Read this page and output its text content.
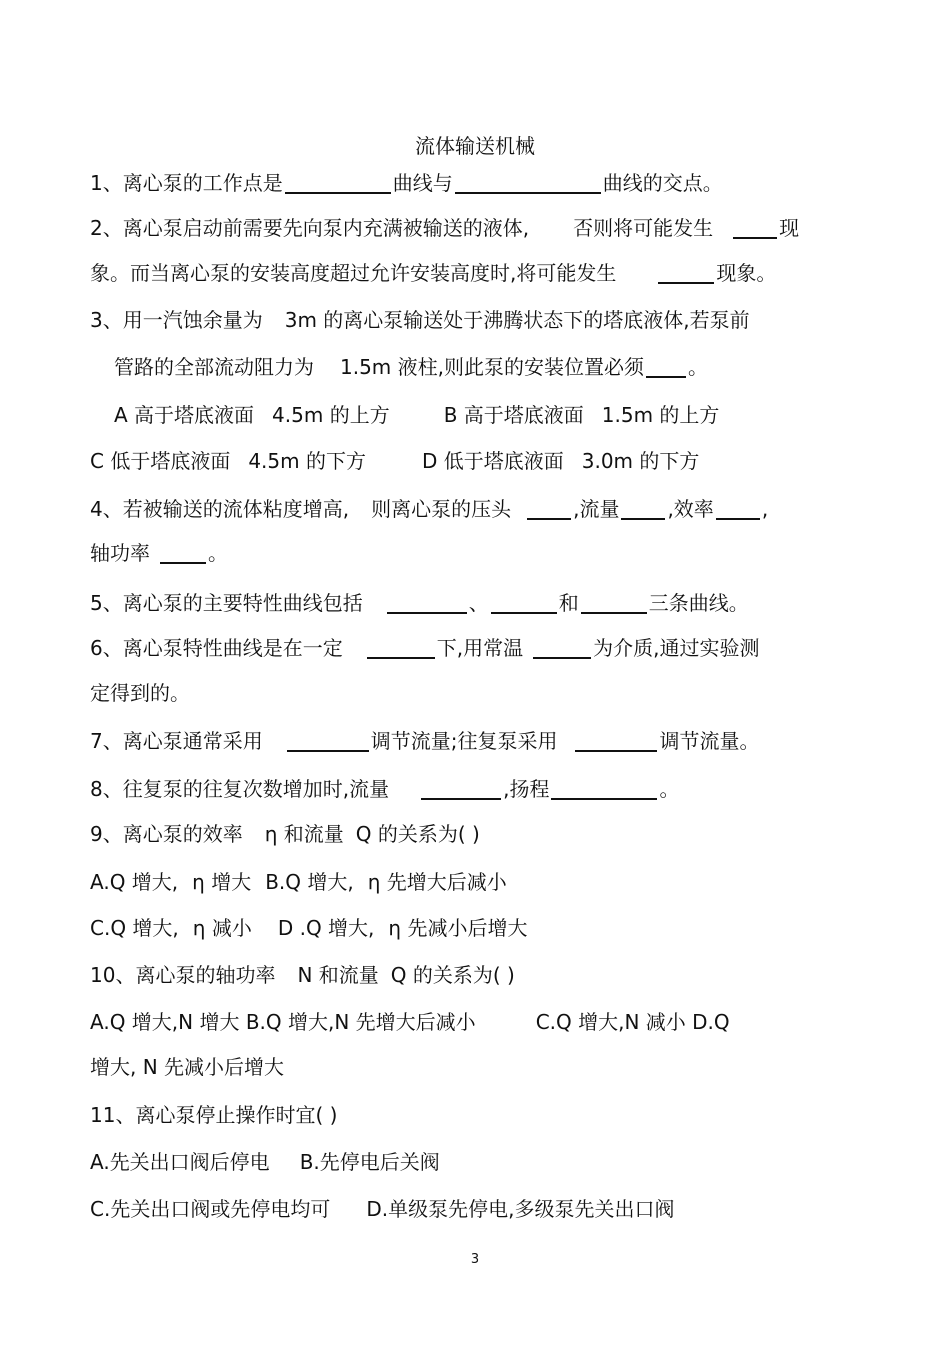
流体输送机械
1、离心泵的工作点是	曲线与	曲线的交点。
2、离心泵启动前需要先向泵内充满被输送的液体, 否则将可能发生	现
象。而当离心泵的安装高度超过允许安装高度时,将可能发生	现象。
3、用一汽蚀余量为 3m 的离心泵输送处于沸腾状态下的塔底液体,若泵前
管路的全部流动阻力为 1.5m 液柱,则此泵的安装位置必须 。
A 高于塔底液面 4.5m 的上方	B 高于塔底液面 1.5m 的上方
C 低于塔底液面 4.5m 的下方	D 低于塔底液面 3.0m 的下方
4、若被输送的流体粘度增高, 则离心泵的压头	,流量 ,效率 ,
轴功率	。
5、离心泵的主要特性曲线包括	、	和	三条曲线。
6、离心泵特性曲线是在一定	下,用常温	为介质,通过实验测
定得到的。
7、离心泵通常采用	调节流量;往复泵采用	调节流量。
8、往复泵的往复次数增加时,流量	,扬程	。
9、离心泵的效率 η 和流量 Q 的关系为( )
A.Q 增大, η 增大 B.Q 增大, η 先增大后减小
C.Q 增大, η 减小 D .Q 增大, η 先减小后增大
10、离心泵的轴功率 N 和流量 Q 的关系为( )
A.Q 增大,N 增大 B.Q 增大,N 先增大后减小	C.Q 增大,N 减小 D.Q
增大, N 先减小后增大
11、离心泵停止操作时宜( )
A.先关出口阀后停电 B.先停电后关阀
C.先关出口阀或先停电均可 D.单级泵先停电,多级泵先关出口阀
3
